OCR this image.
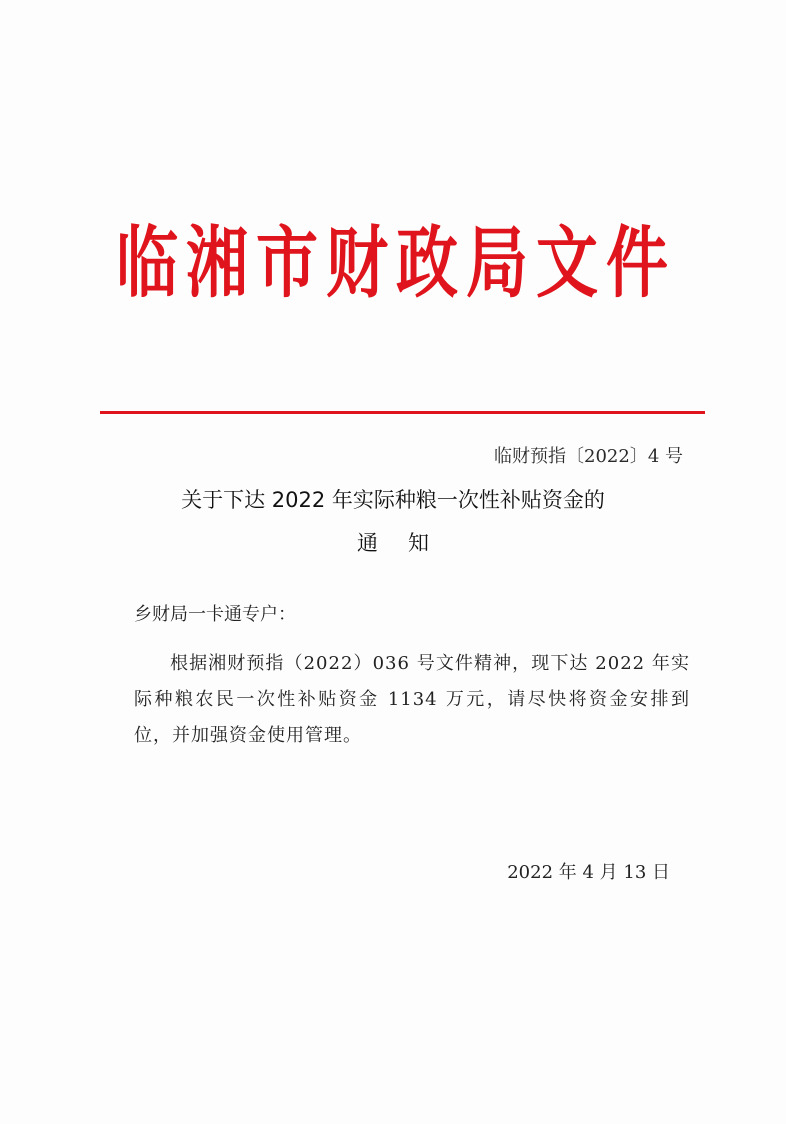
临湘市财政局文件
临财预指〔2022〕4 号
关于下达 2022 年实际种粮一次性补贴资金的
通知
乡财局一卡通专户：
根据湘财预指（2022）036 号文件精神，现下达 2022 年实际种粮农民一次性补贴资金 1134 万元，请尽快将资金安排到位，并加强资金使用管理。
2022 年 4 月 13 日
